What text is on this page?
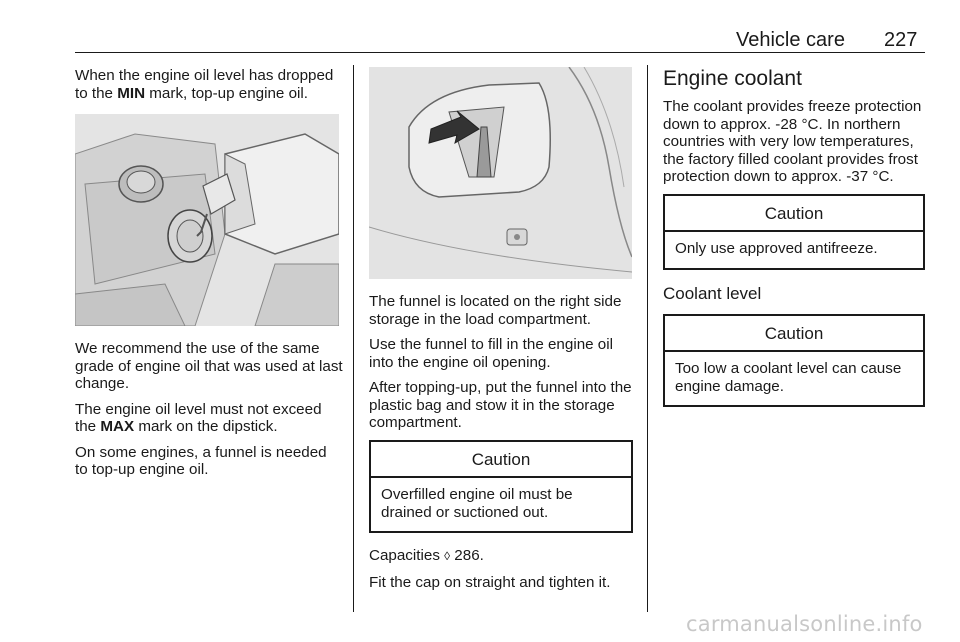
Vehicle care 227

When the engine oil level has dropped to the MIN mark, top-up engine oil.

We recommend the use of the same grade of engine oil that was used at last change.

The engine oil level must not exceed the MAX mark on the dipstick.

On some engines, a funnel is needed to top-up engine oil.

The funnel is located on the right side storage in the load compartment.

Use the funnel to fill in the engine oil into the engine oil opening.

After topping-up, put the funnel into the plastic bag and stow it in the storage compartment.

Caution
Overfilled engine oil must be drained or suctioned out.

Capacities ◊ 286.

Fit the cap on straight and tighten it.

Engine coolant

The coolant provides freeze protection down to approx. -28 °C. In northern countries with very low temperatures, the factory filled coolant provides frost protection down to approx. -37 °C.

Caution
Only use approved antifreeze.
Coolant level
Caution
Too low a coolant level can cause engine damage.
carmanualsonline.info
